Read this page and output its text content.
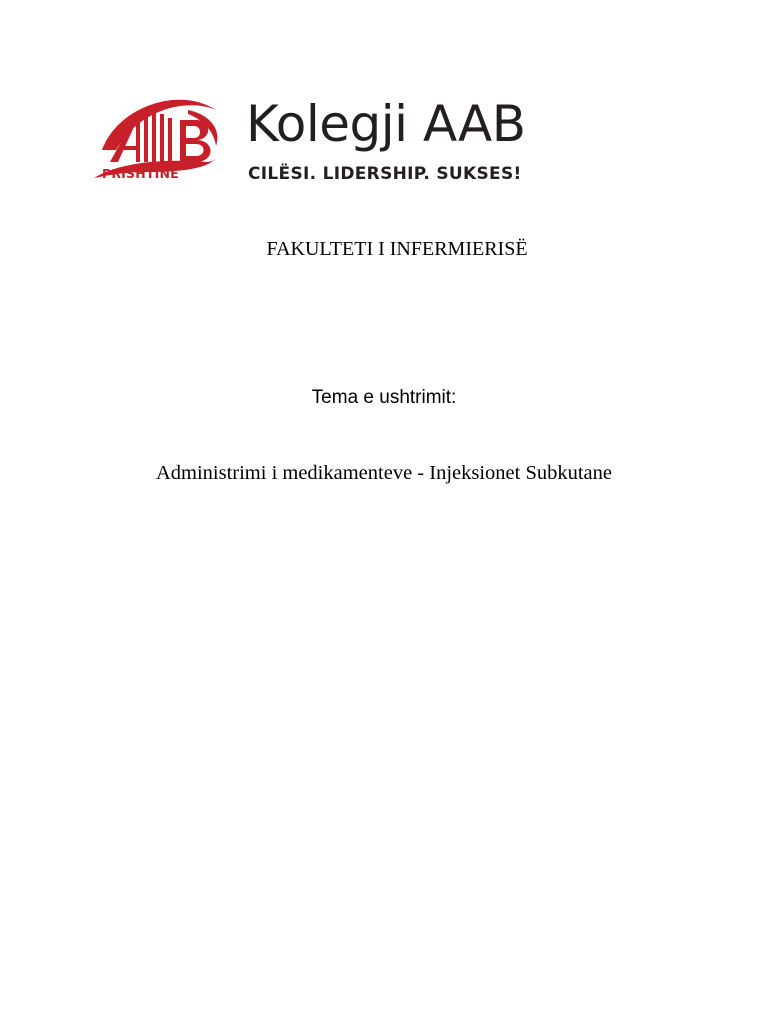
PRISHTINË
Kolegji AAB
CILËSI. LIDERSHIP. SUKSES!
FAKULTETI I INFERMIERISË
Tema e ushtrimit:
Administrimi i medikamenteve - Injeksionet Subkutane
